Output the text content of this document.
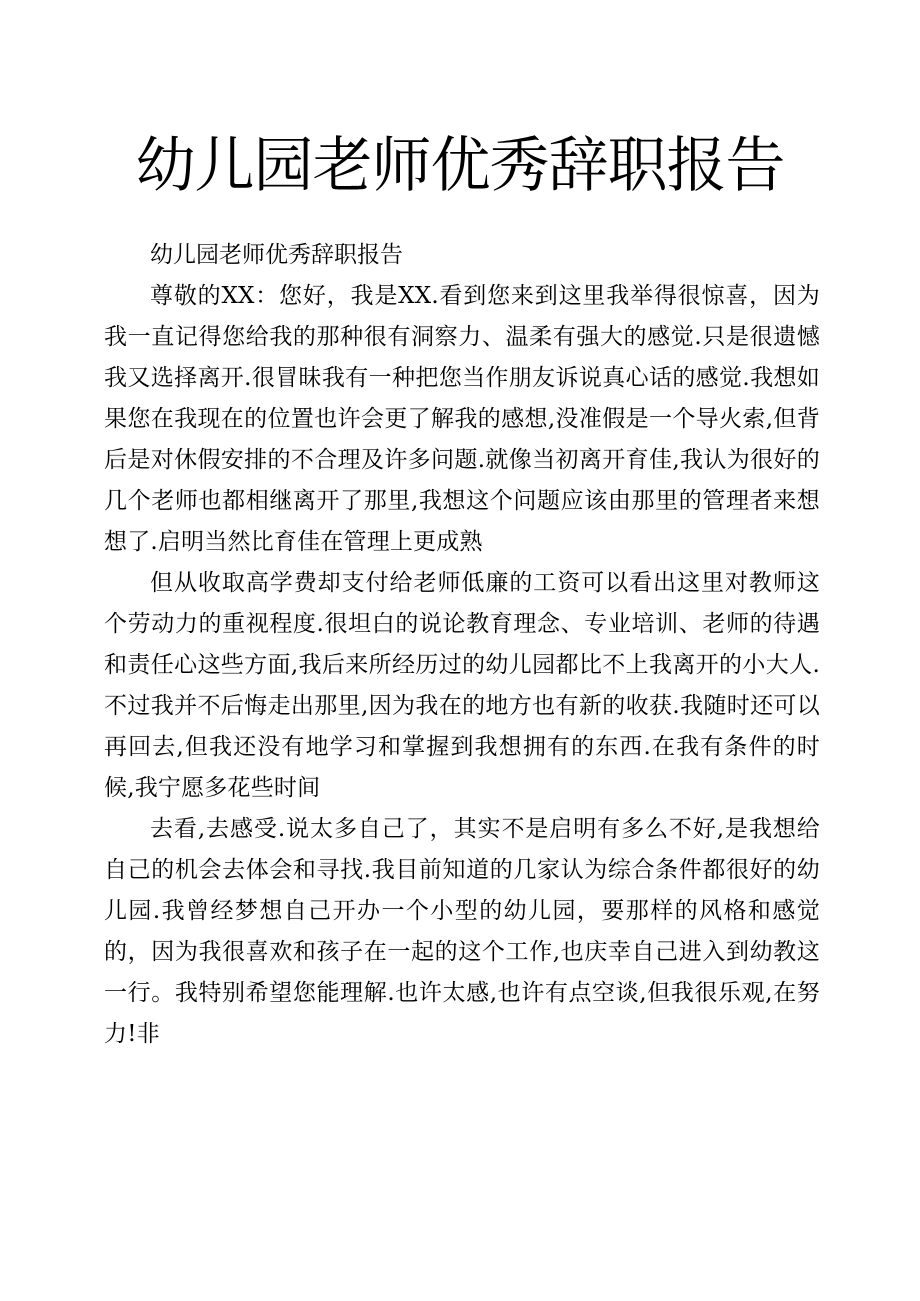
幼儿园老师优秀辞职报告

幼儿园老师优秀辞职报告

尊敬的XX：您好，我是XX.看到您来到这里我举得很惊喜，因为我一直记得您给我的那种很有洞察力、温柔有强大的感觉.只是很遗憾我又选择离开.很冒昧我有一种把您当作朋友诉说真心话的感觉.我想如果您在我现在的位置也许会更了解我的感想,没准假是一个导火索,但背后是对休假安排的不合理及许多问题.就像当初离开育佳,我认为很好的几个老师也都相继离开了那里,我想这个问题应该由那里的管理者来想想了.启明当然比育佳在管理上更成熟

但从收取高学费却支付给老师低廉的工资可以看出这里对教师这个劳动力的重视程度.很坦白的说论教育理念、专业培训、老师的待遇和责任心这些方面,我后来所经历过的幼儿园都比不上我离开的小大人.不过我并不后悔走出那里,因为我在的地方也有新的收获.我随时还可以再回去,但我还没有地学习和掌握到我想拥有的东西.在我有条件的时候,我宁愿多花些时间

去看,去感受.说太多自己了，其实不是启明有多么不好,是我想给自己的机会去体会和寻找.我目前知道的几家认为综合条件都很好的幼儿园.我曾经梦想自己开办一个小型的幼儿园，要那样的风格和感觉的，因为我很喜欢和孩子在一起的这个工作,也庆幸自己进入到幼教这一行。我特别希望您能理解.也许太感,也许有点空谈,但我很乐观,在努力!非
